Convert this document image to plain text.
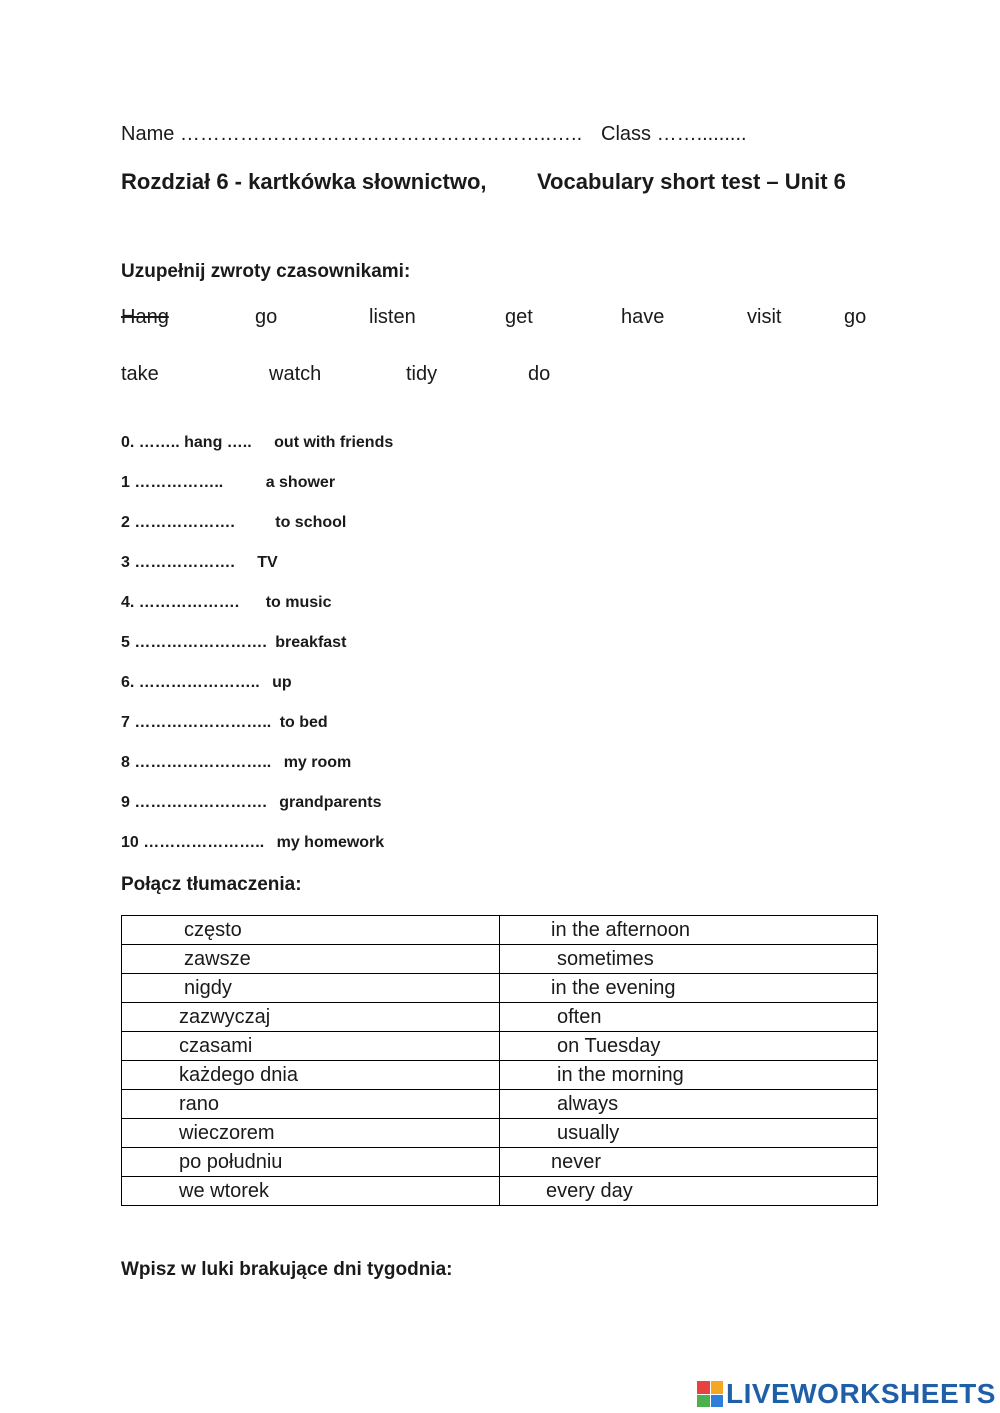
Name ………………………………………………..….. Class …….........
Rozdział 6 - kartkówka słownictwo, Vocabulary short test – Unit 6
Uzupełnij zwroty czasownikami:
Hang	go	listen	get	have	visit	go
take	watch	tidy	do
0. …….. hang ….. out with friends
1 ……………..	a shower
2 ……………….	to school
3 ………………. TV
4. ………………. to music
5 ……………………. breakfast
6. ………………….. up
7 …………………….. to bed
8 …………………….. my room
9 ……………………. grandparents
10 ………………….. my homework
Połącz tłumaczenia:
często	in the afternoon
zawsze	sometimes
nigdy	in the evening
zazwyczaj	often
czasami	on Tuesday
każdego dnia	in the morning
rano	always
wieczorem	usually
po południu	never
we wtorek	every day
Wpisz w luki brakujące dni tygodnia:
LIVEWORKSHEETS
